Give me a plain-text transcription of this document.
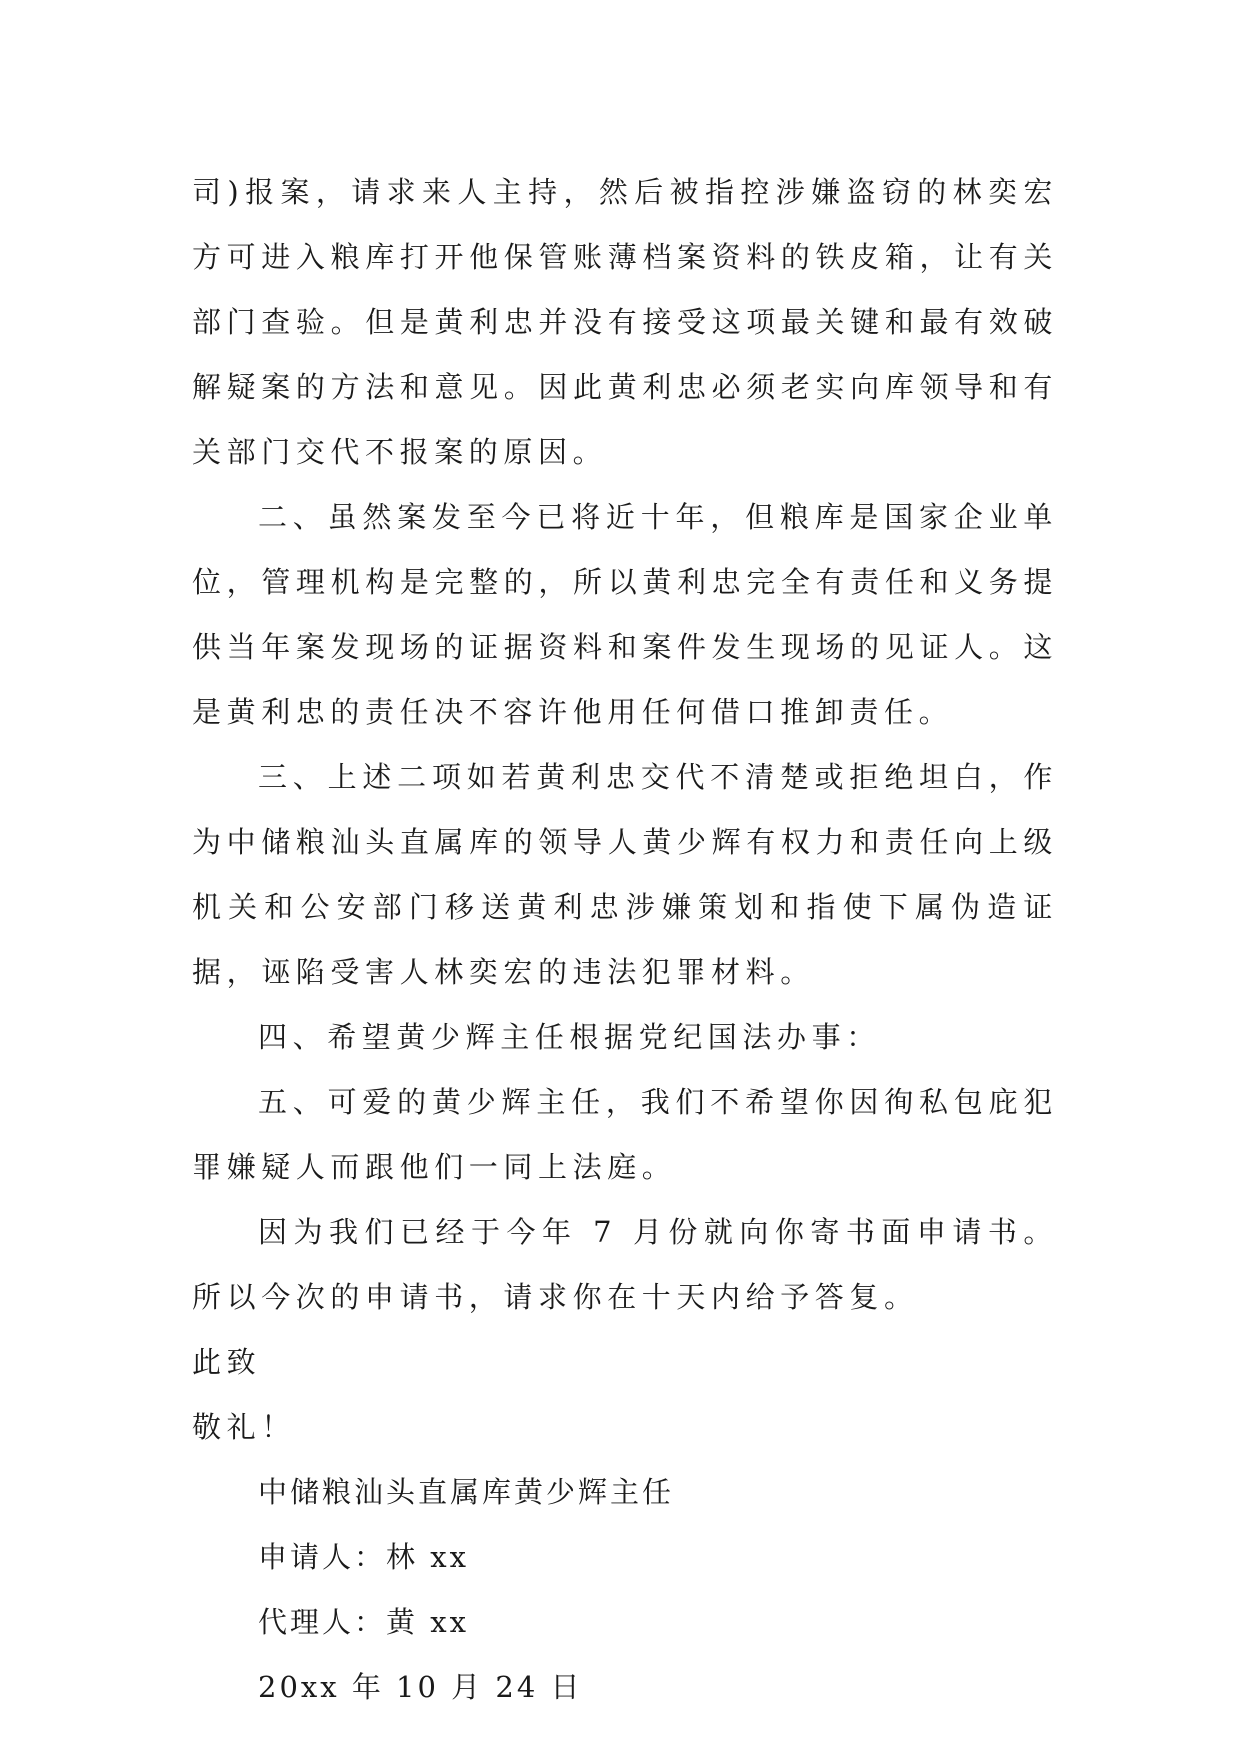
司)报案，请求来人主持，然后被指控涉嫌盗窃的林奕宏方可进入粮库打开他保管账薄档案资料的铁皮箱，让有关部门查验。但是黄利忠并没有接受这项最关键和最有效破解疑案的方法和意见。因此黄利忠必须老实向库领导和有关部门交代不报案的原因。

二、虽然案发至今已将近十年，但粮库是国家企业单位，管理机构是完整的，所以黄利忠完全有责任和义务提供当年案发现场的证据资料和案件发生现场的见证人。这是黄利忠的责任决不容许他用任何借口推卸责任。

三、上述二项如若黄利忠交代不清楚或拒绝坦白，作为中储粮汕头直属库的领导人黄少辉有权力和责任向上级机关和公安部门移送黄利忠涉嫌策划和指使下属伪造证据，诬陷受害人林奕宏的违法犯罪材料。

四、希望黄少辉主任根据党纪国法办事：

五、可爱的黄少辉主任，我们不希望你因徇私包庇犯罪嫌疑人而跟他们一同上法庭。

因为我们已经于今年 7 月份就向你寄书面申请书。所以今次的申请书，请求你在十天内给予答复。

此致

敬礼！

中储粮汕头直属库黄少辉主任

申请人：林 xx

代理人：黄 xx

20xx 年 10 月 24 日
